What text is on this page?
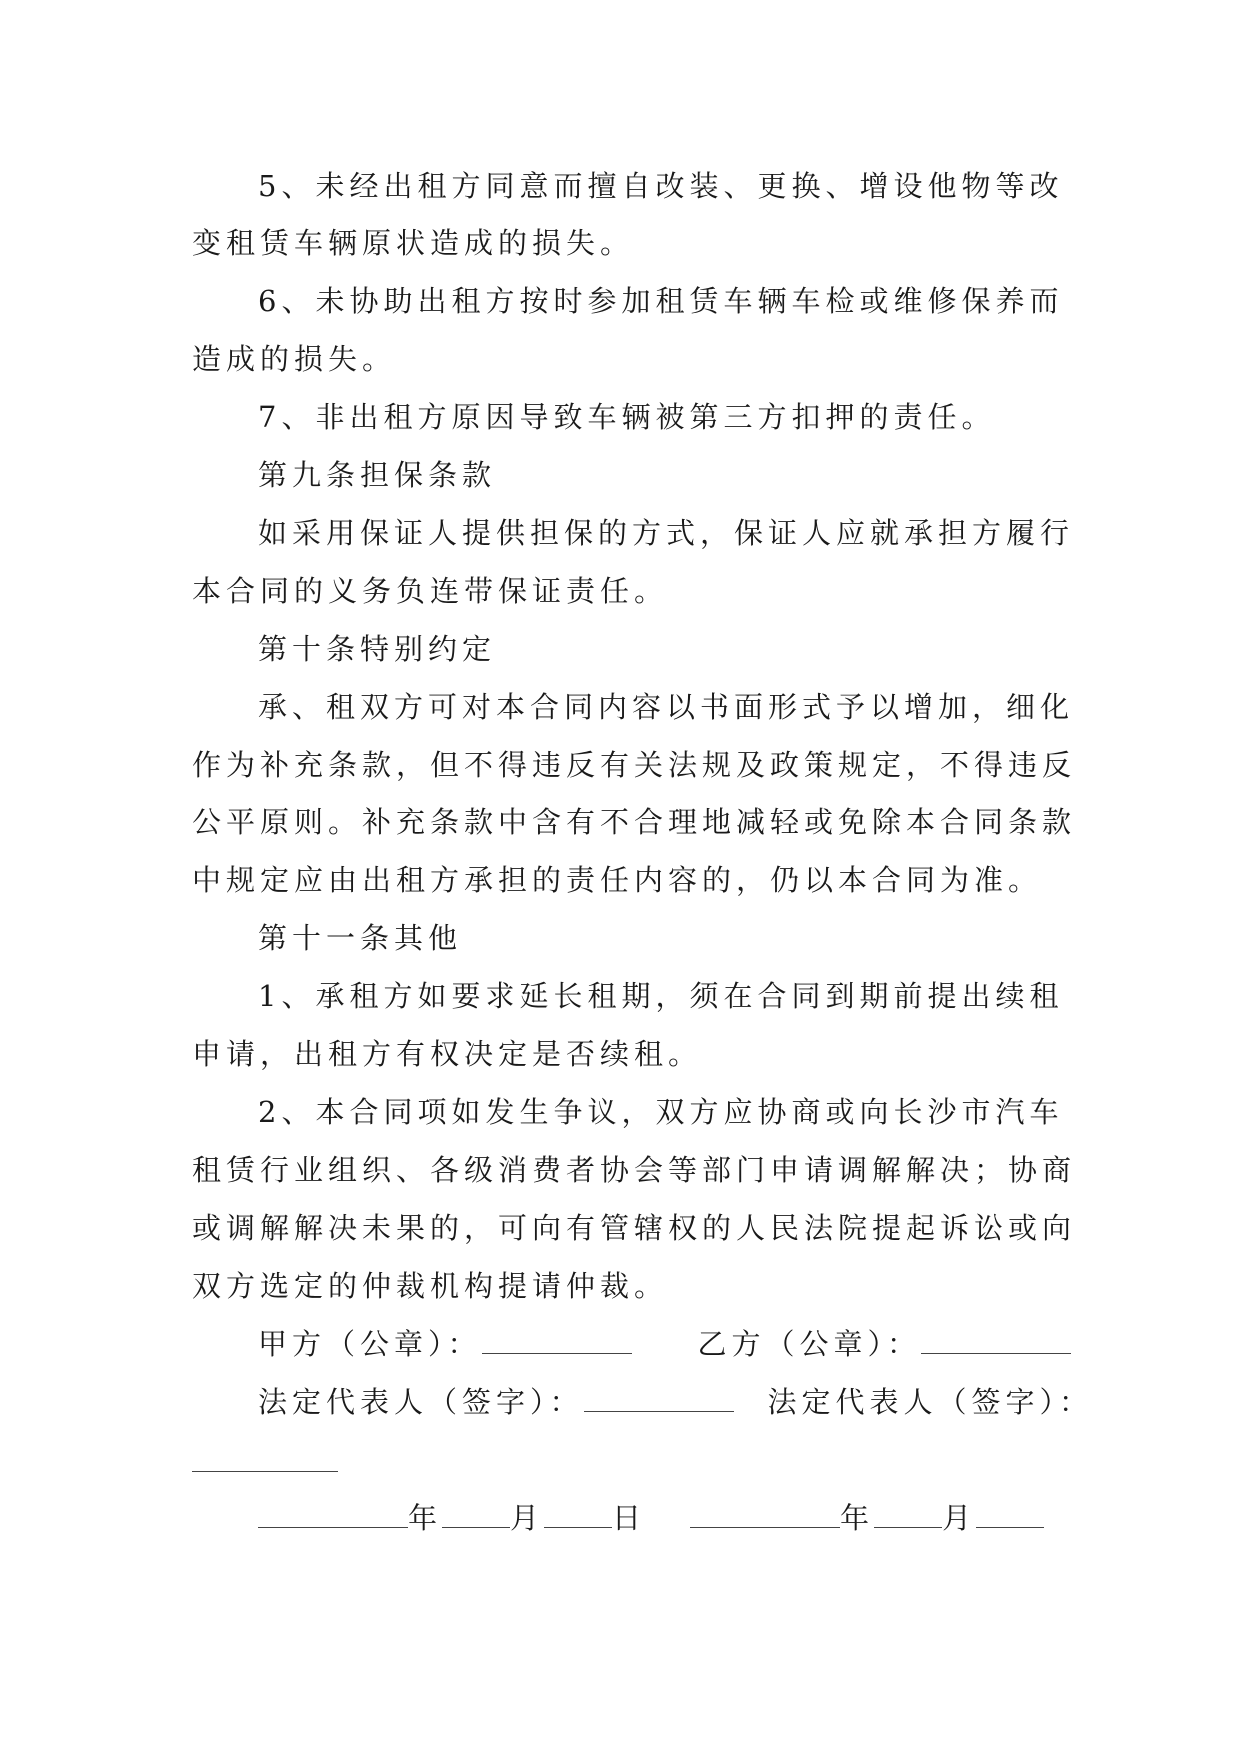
5、未经出租方同意而擅自改装、更换、增设他物等改
变租赁车辆原状造成的损失。
6、未协助出租方按时参加租赁车辆车检或维修保养而
造成的损失。
7、非出租方原因导致车辆被第三方扣押的责任。
第九条担保条款
如采用保证人提供担保的方式，保证人应就承担方履行
本合同的义务负连带保证责任。
第十条特别约定
承、租双方可对本合同内容以书面形式予以增加，细化
作为补充条款，但不得违反有关法规及政策规定，不得违反
公平原则。补充条款中含有不合理地减轻或免除本合同条款
中规定应由出租方承担的责任内容的，仍以本合同为准。
第十一条其他
1、承租方如要求延长租期，须在合同到期前提出续租
申请，出租方有权决定是否续租。
2、本合同项如发生争议，双方应协商或向长沙市汽车
租赁行业组织、各级消费者协会等部门申请调解解决；协商
或调解解决未果的，可向有管辖权的人民法院提起诉讼或向
双方选定的仲裁机构提请仲裁。
甲方（公章）：	乙方（公章）：
法定代表人（签字）：	法定代表人（签字）：
年 月 日	年 月
